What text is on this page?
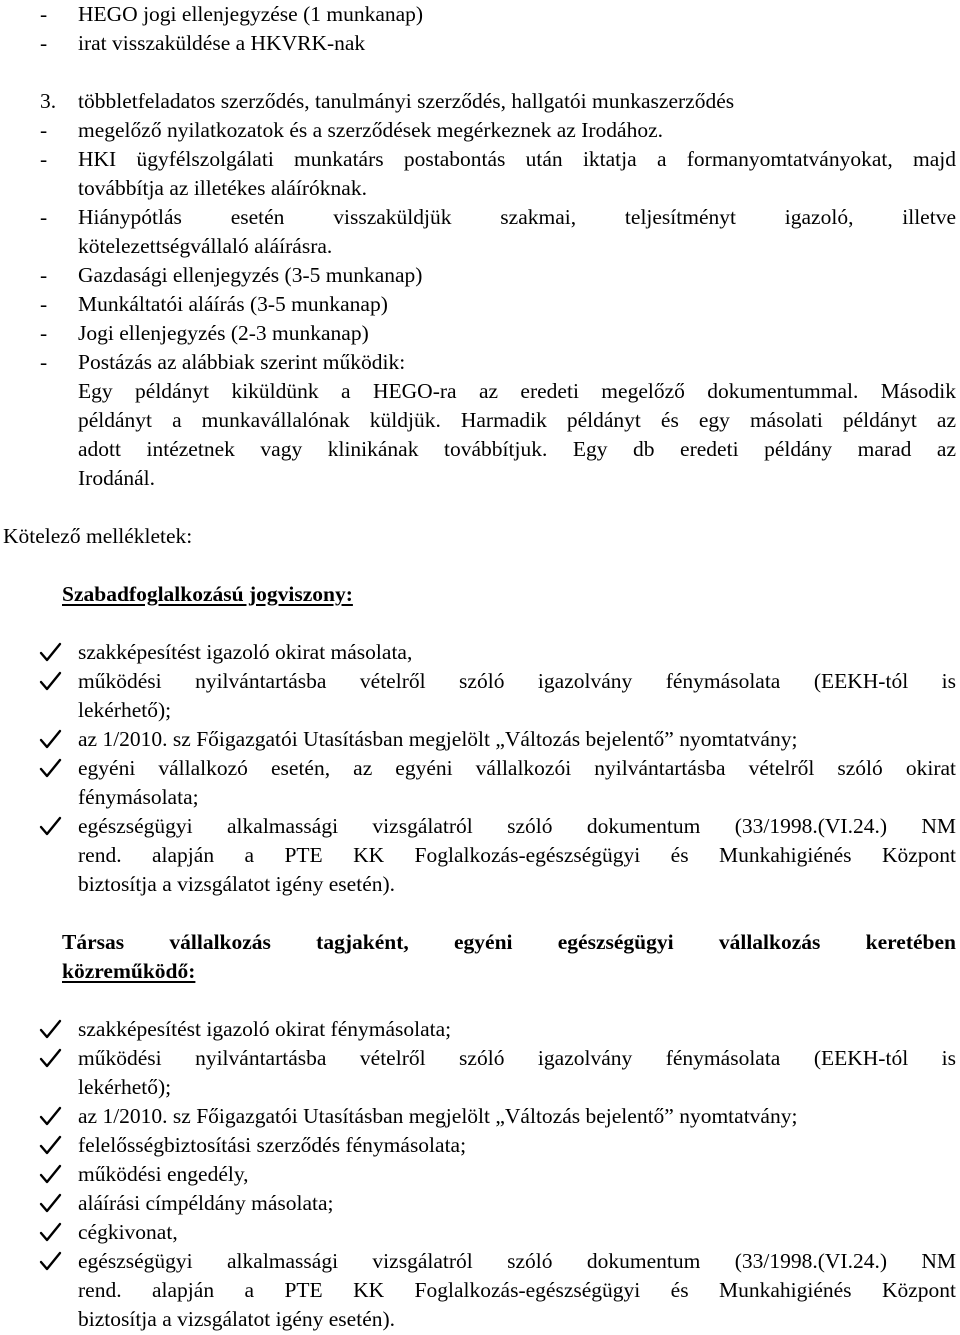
- HEGO jogi ellenjegyzése (1 munkanap)
- irat visszaküldése a HKVRK-nak
3. többletfeladatos szerződés, tanulmányi szerződés, hallgatói munkaszerződés
- megelőző nyilatkozatok és a szerződések megérkeznek az Irodához.
- HKI ügyfélszolgálati munkatárs postabontás után iktatja a formanyomtatványokat, majd
továbbítja az illetékes aláíróknak.
- Hiánypótlás esetén visszaküldjük szakmai, teljesítményt igazoló, illetve
kötelezettségvállaló aláírásra.
- Gazdasági ellenjegyzés (3-5 munkanap)
- Munkáltatói aláírás (3-5 munkanap)
- Jogi ellenjegyzés (2-3 munkanap)
- Postázás az alábbiak szerint működik:
Egy példányt kiküldünk a HEGO-ra az eredeti megelőző dokumentummal. Második
példányt a munkavállalónak küldjük. Harmadik példányt és egy másolati példányt az
adott intézetnek vagy klinikának továbbítjuk. Egy db eredeti példány marad az
Irodánál.
Kötelező mellékletek:
Szabadfoglalkozású jogviszony:
szakképesítést igazoló okirat másolata,
működési nyilvántartásba vételről szóló igazolvány fénymásolata (EEKH-tól is
lekérhető);
az 1/2010. sz Főigazgatói Utasításban megjelölt „Változás bejelentő” nyomtatvány;
egyéni vállalkozó esetén, az egyéni vállalkozói nyilvántartásba vételről szóló okirat
fénymásolata;
egészségügyi alkalmassági vizsgálatról szóló dokumentum (33/1998.(VI.24.) NM
rend. alapján a PTE KK Foglalkozás-egészségügyi és Munkahigiénés Központ
biztosítja a vizsgálatot igény esetén).
Társas vállalkozás tagjaként, egyéni egészségügyi vállalkozás keretében
közreműködő:
szakképesítést igazoló okirat fénymásolata;
működési nyilvántartásba vételről szóló igazolvány fénymásolata (EEKH-tól is
lekérhető);
az 1/2010. sz Főigazgatói Utasításban megjelölt „Változás bejelentő” nyomtatvány;
felelősségbiztosítási szerződés fénymásolata;
működési engedély,
aláírási címpéldány másolata;
cégkivonat,
egészségügyi alkalmassági vizsgálatról szóló dokumentum (33/1998.(VI.24.) NM
rend. alapján a PTE KK Foglalkozás-egészségügyi és Munkahigiénés Központ
biztosítja a vizsgálatot igény esetén).
